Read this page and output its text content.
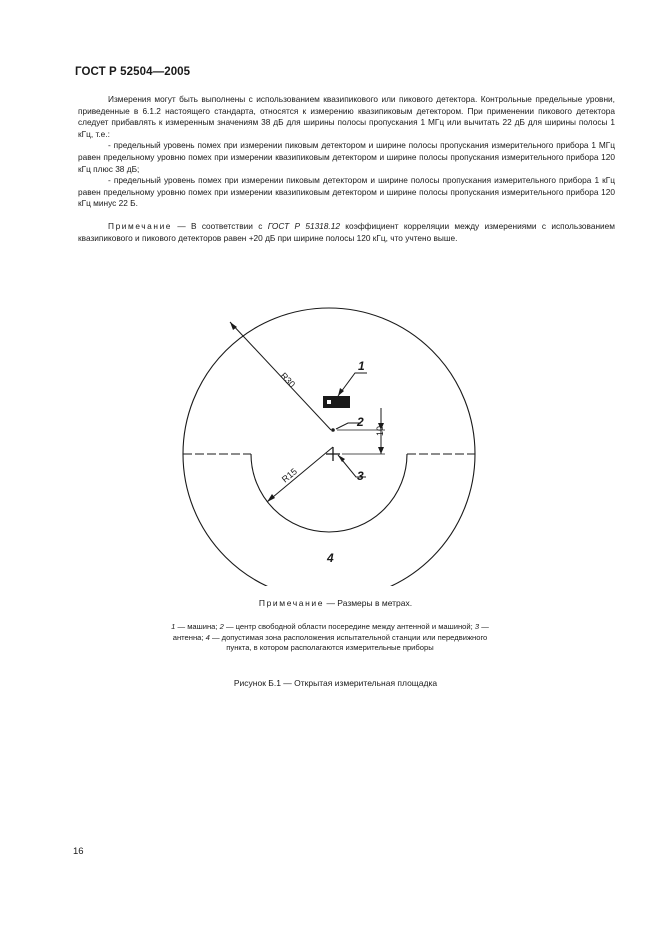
ГОСТ Р 52504—2005

Измерения могут быть выполнены с использованием квазипикового или пикового детектора. Контрольные предельные уровни, приведенные в 6.1.2 настоящего стандарта, относятся к измерению квазипиковым детектором. При применении пикового детектора следует прибавлять к измеренным значениям 38 дБ для ширины полосы пропускания 1 МГц или вычитать 22 дБ для ширины полосы 1 кГц, т.е.:

- предельный уровень помех при измерении пиковым детектором и ширине полосы пропускания измерительного прибора 1 МГц равен предельному уровню помех при измерении квазипиковым детектором и ширине полосы пропускания измерительного прибора 120 кГц плюс 38 дБ;

- предельный уровень помех при измерении пиковым детектором и ширине полосы пропускания измерительного прибора 1 кГц равен предельному уровню помех при измерении квазипиковым детектором и ширине полосы пропускания измерительного прибора 120 кГц минус 22 Б.

Примечание — В соответствии с ГОСТ Р 51318.12 коэффициент корреляции между измерениями с использованием квазипикового и пикового детекторов равен +20 дБ при ширине полосы 120 кГц, что учтено выше.

R30
R15
10
1
2
3
4
Примечание — Размеры в метрах.
1 — машина; 2 — центр свободной области посередине между антенной и машиной; 3 — антенна; 4 — допустимая зона расположения испытательной станции или передвижного пункта, в котором располагаются измерительные приборы
Рисунок Б.1 — Открытая измерительная площадка
16
